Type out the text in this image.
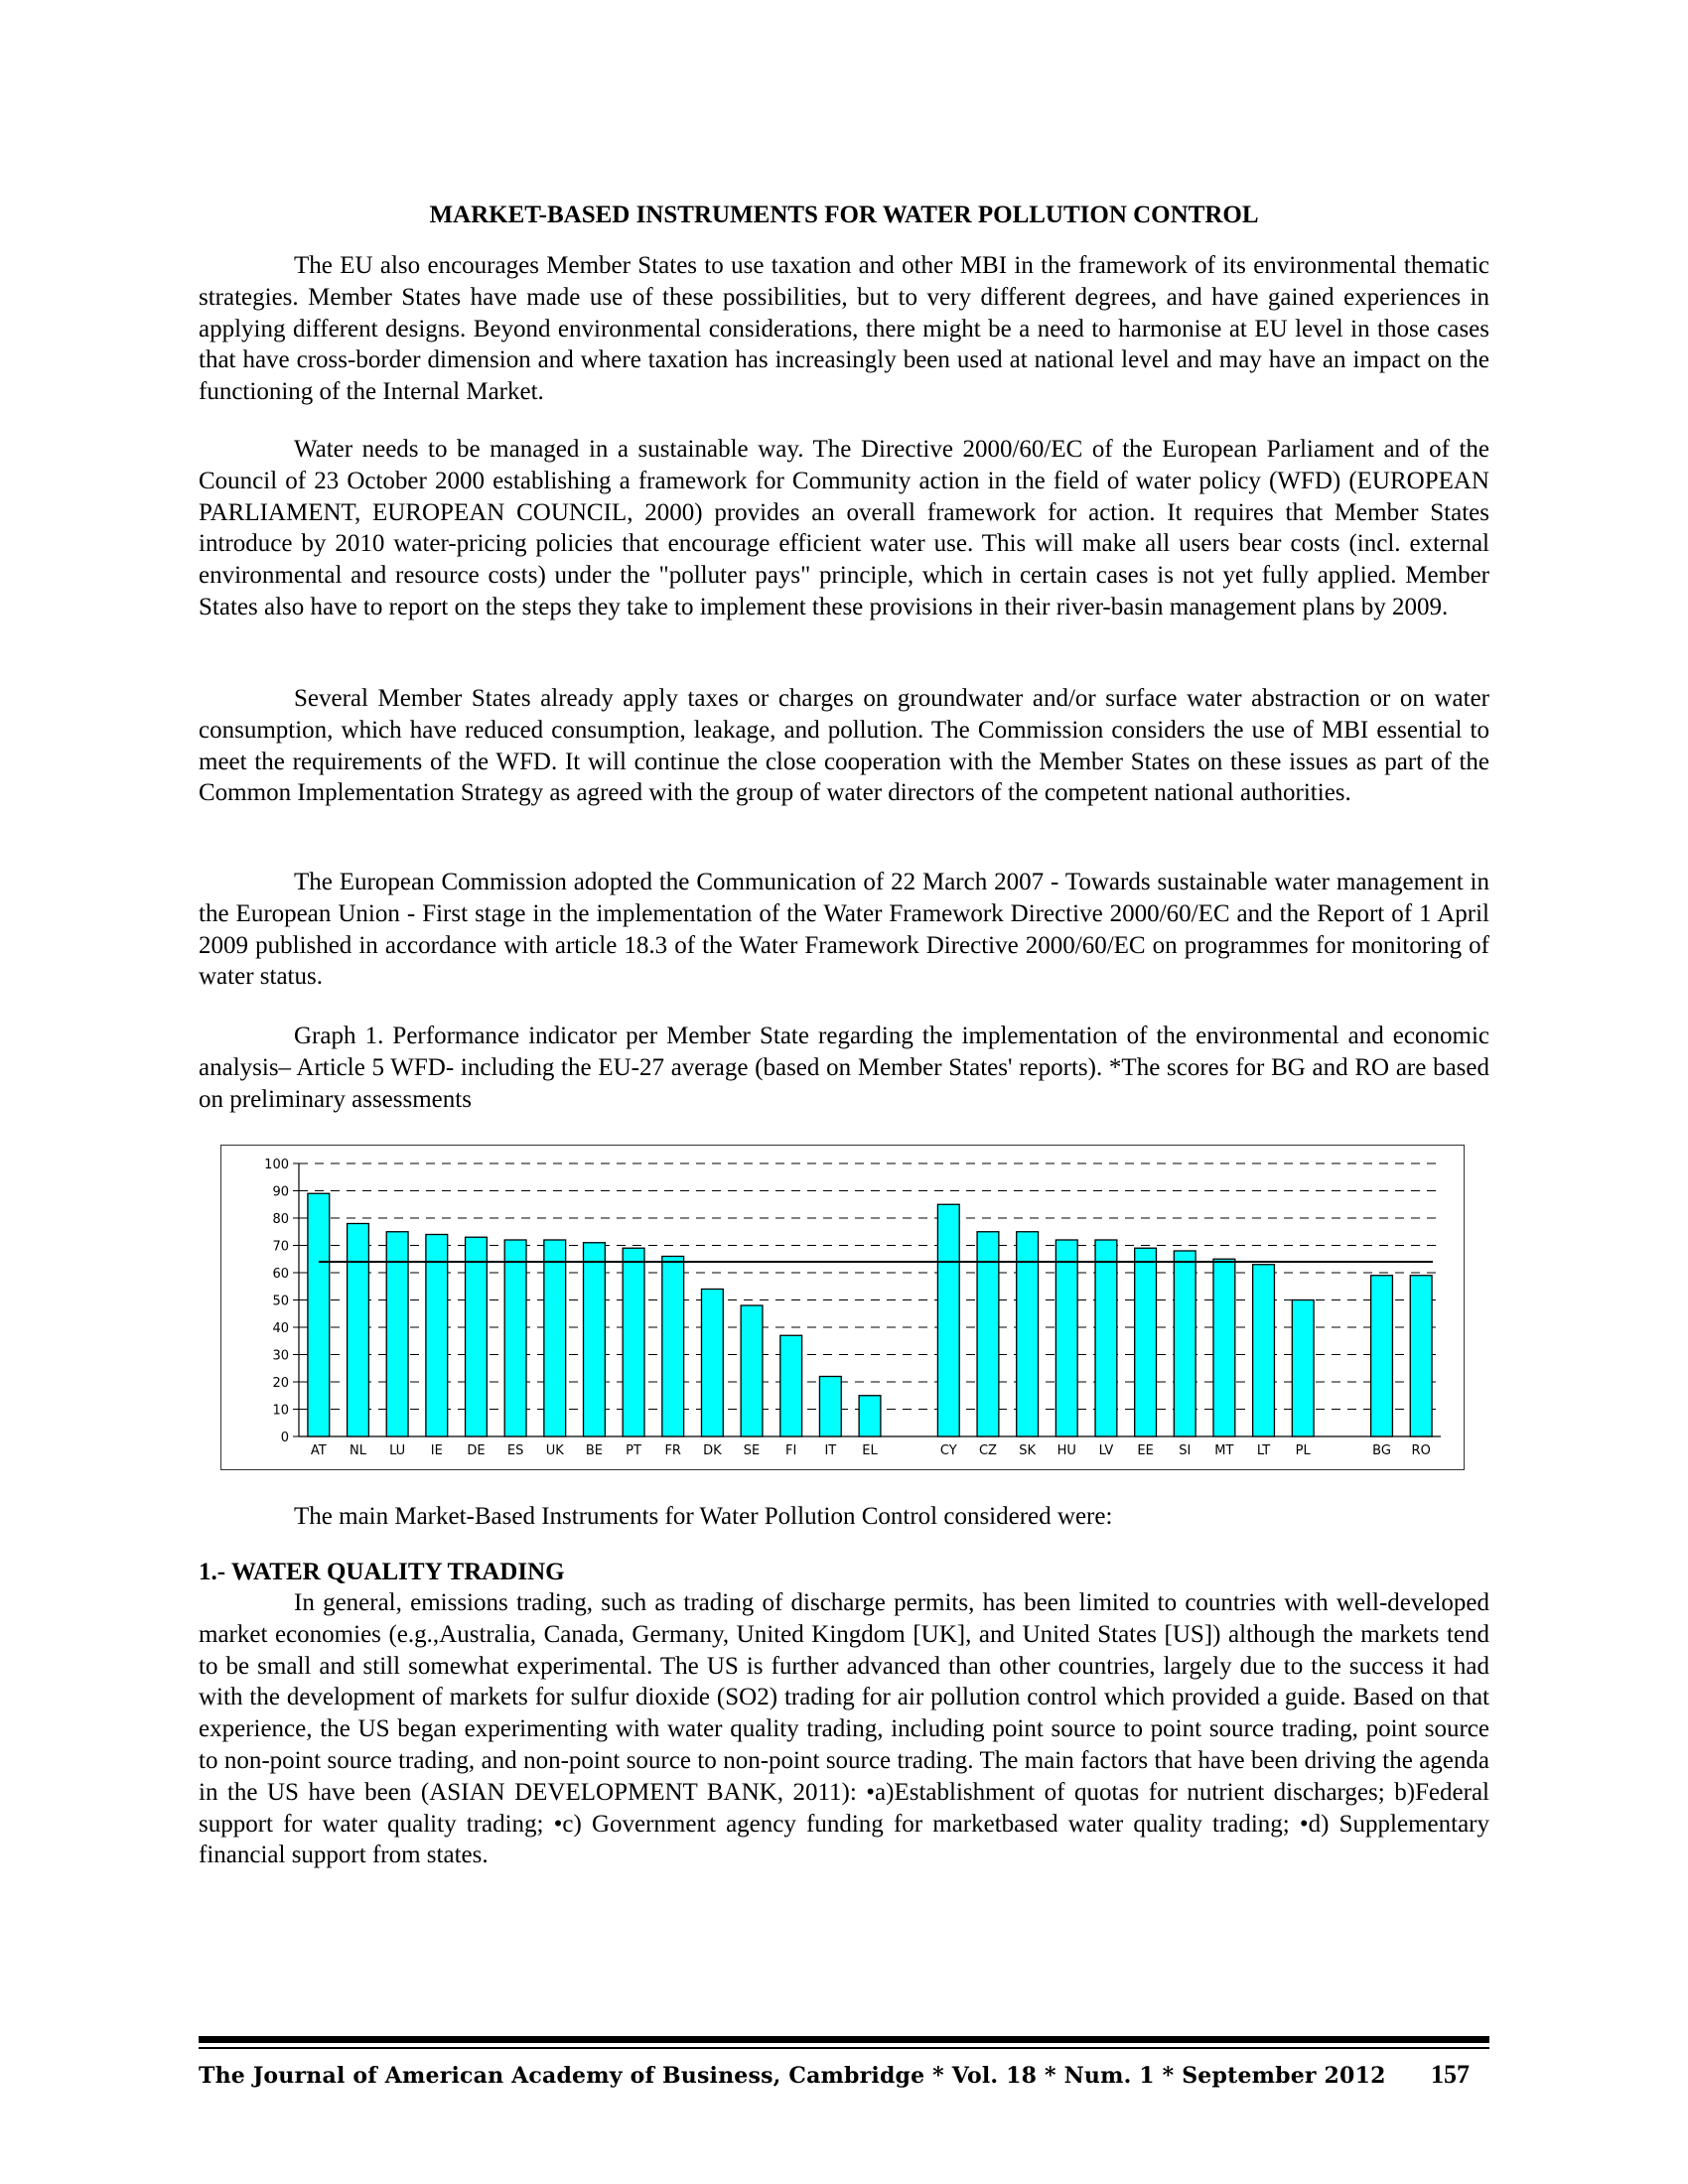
MARKET-BASED INSTRUMENTS FOR WATER POLLUTION CONTROL

The EU also encourages Member States to use taxation and other MBI in the framework of its environmental thematic strategies. Member States have made use of these possibilities, but to very different degrees, and have gained experiences in applying different designs. Beyond environmental considerations, there might be a need to harmonise at EU level in those cases that have cross-border dimension and where taxation has increasingly been used at national level and may have an impact on the functioning of the Internal Market.

Water needs to be managed in a sustainable way. The Directive 2000/60/EC of the European Parliament and of the Council of 23 October 2000 establishing a framework for Community action in the field of water policy (WFD) (EUROPEAN PARLIAMENT, EUROPEAN COUNCIL, 2000) provides an overall framework for action. It requires that Member States introduce by 2010 water-pricing policies that encourage efficient water use. This will make all users bear costs (incl. external environmental and resource costs) under the "polluter pays" principle, which in certain cases is not yet fully applied. Member States also have to report on the steps they take to implement these provisions in their river-basin management plans by 2009.

Several Member States already apply taxes or charges on groundwater and/or surface water abstraction or on water consumption, which have reduced consumption, leakage, and pollution. The Commission considers the use of MBI essential to meet the requirements of the WFD. It will continue the close cooperation with the Member States on these issues as part of the Common Implementation Strategy as agreed with the group of water directors of the competent national authorities.

The European Commission adopted the Communication of 22 March 2007 - Towards sustainable water management in the European Union - First stage in the implementation of the Water Framework Directive 2000/60/EC and the Report of 1 April 2009 published in accordance with article 18.3 of the Water Framework Directive 2000/60/EC on programmes for monitoring of water status.

Graph 1. Performance indicator per Member State regarding the implementation of the environmental and economic analysis– Article 5 WFD- including the EU-27 average (based on Member States' reports). *The scores for BG and RO are based on preliminary assessments

0
10
20
30
40
50
60
70
80
90
100
AT NL LU IE DE ES UK BE PT FR DK SE FI IT EL	CY CZ SK HU LV EE SI MT LT PL	BG RO

The main Market-Based Instruments for Water Pollution Control considered were:

1.- WATER QUALITY TRADING

In general, emissions trading, such as trading of discharge permits, has been limited to countries with well-developed market economies (e.g.,Australia, Canada, Germany, United Kingdom [UK], and United States [US]) although the markets tend to be small and still somewhat experimental. The US is further advanced than other countries, largely due to the success it had with the development of markets for sulfur dioxide (SO2) trading for air pollution control which provided a guide. Based on that experience, the US began experimenting with water quality trading, including point source to point source trading, point source to non-point source trading, and non-point source to non-point source trading. The main factors that have been driving the agenda in the US have been (ASIAN DEVELOPMENT BANK, 2011): •a)Establishment of quotas for nutrient discharges; b)Federal support for water quality trading; •c) Government agency funding for marketbased water quality trading; •d) Supplementary financial support from states.

The Journal of American Academy of Business, Cambridge * Vol. 18 * Num. 1 * September 2012 157
